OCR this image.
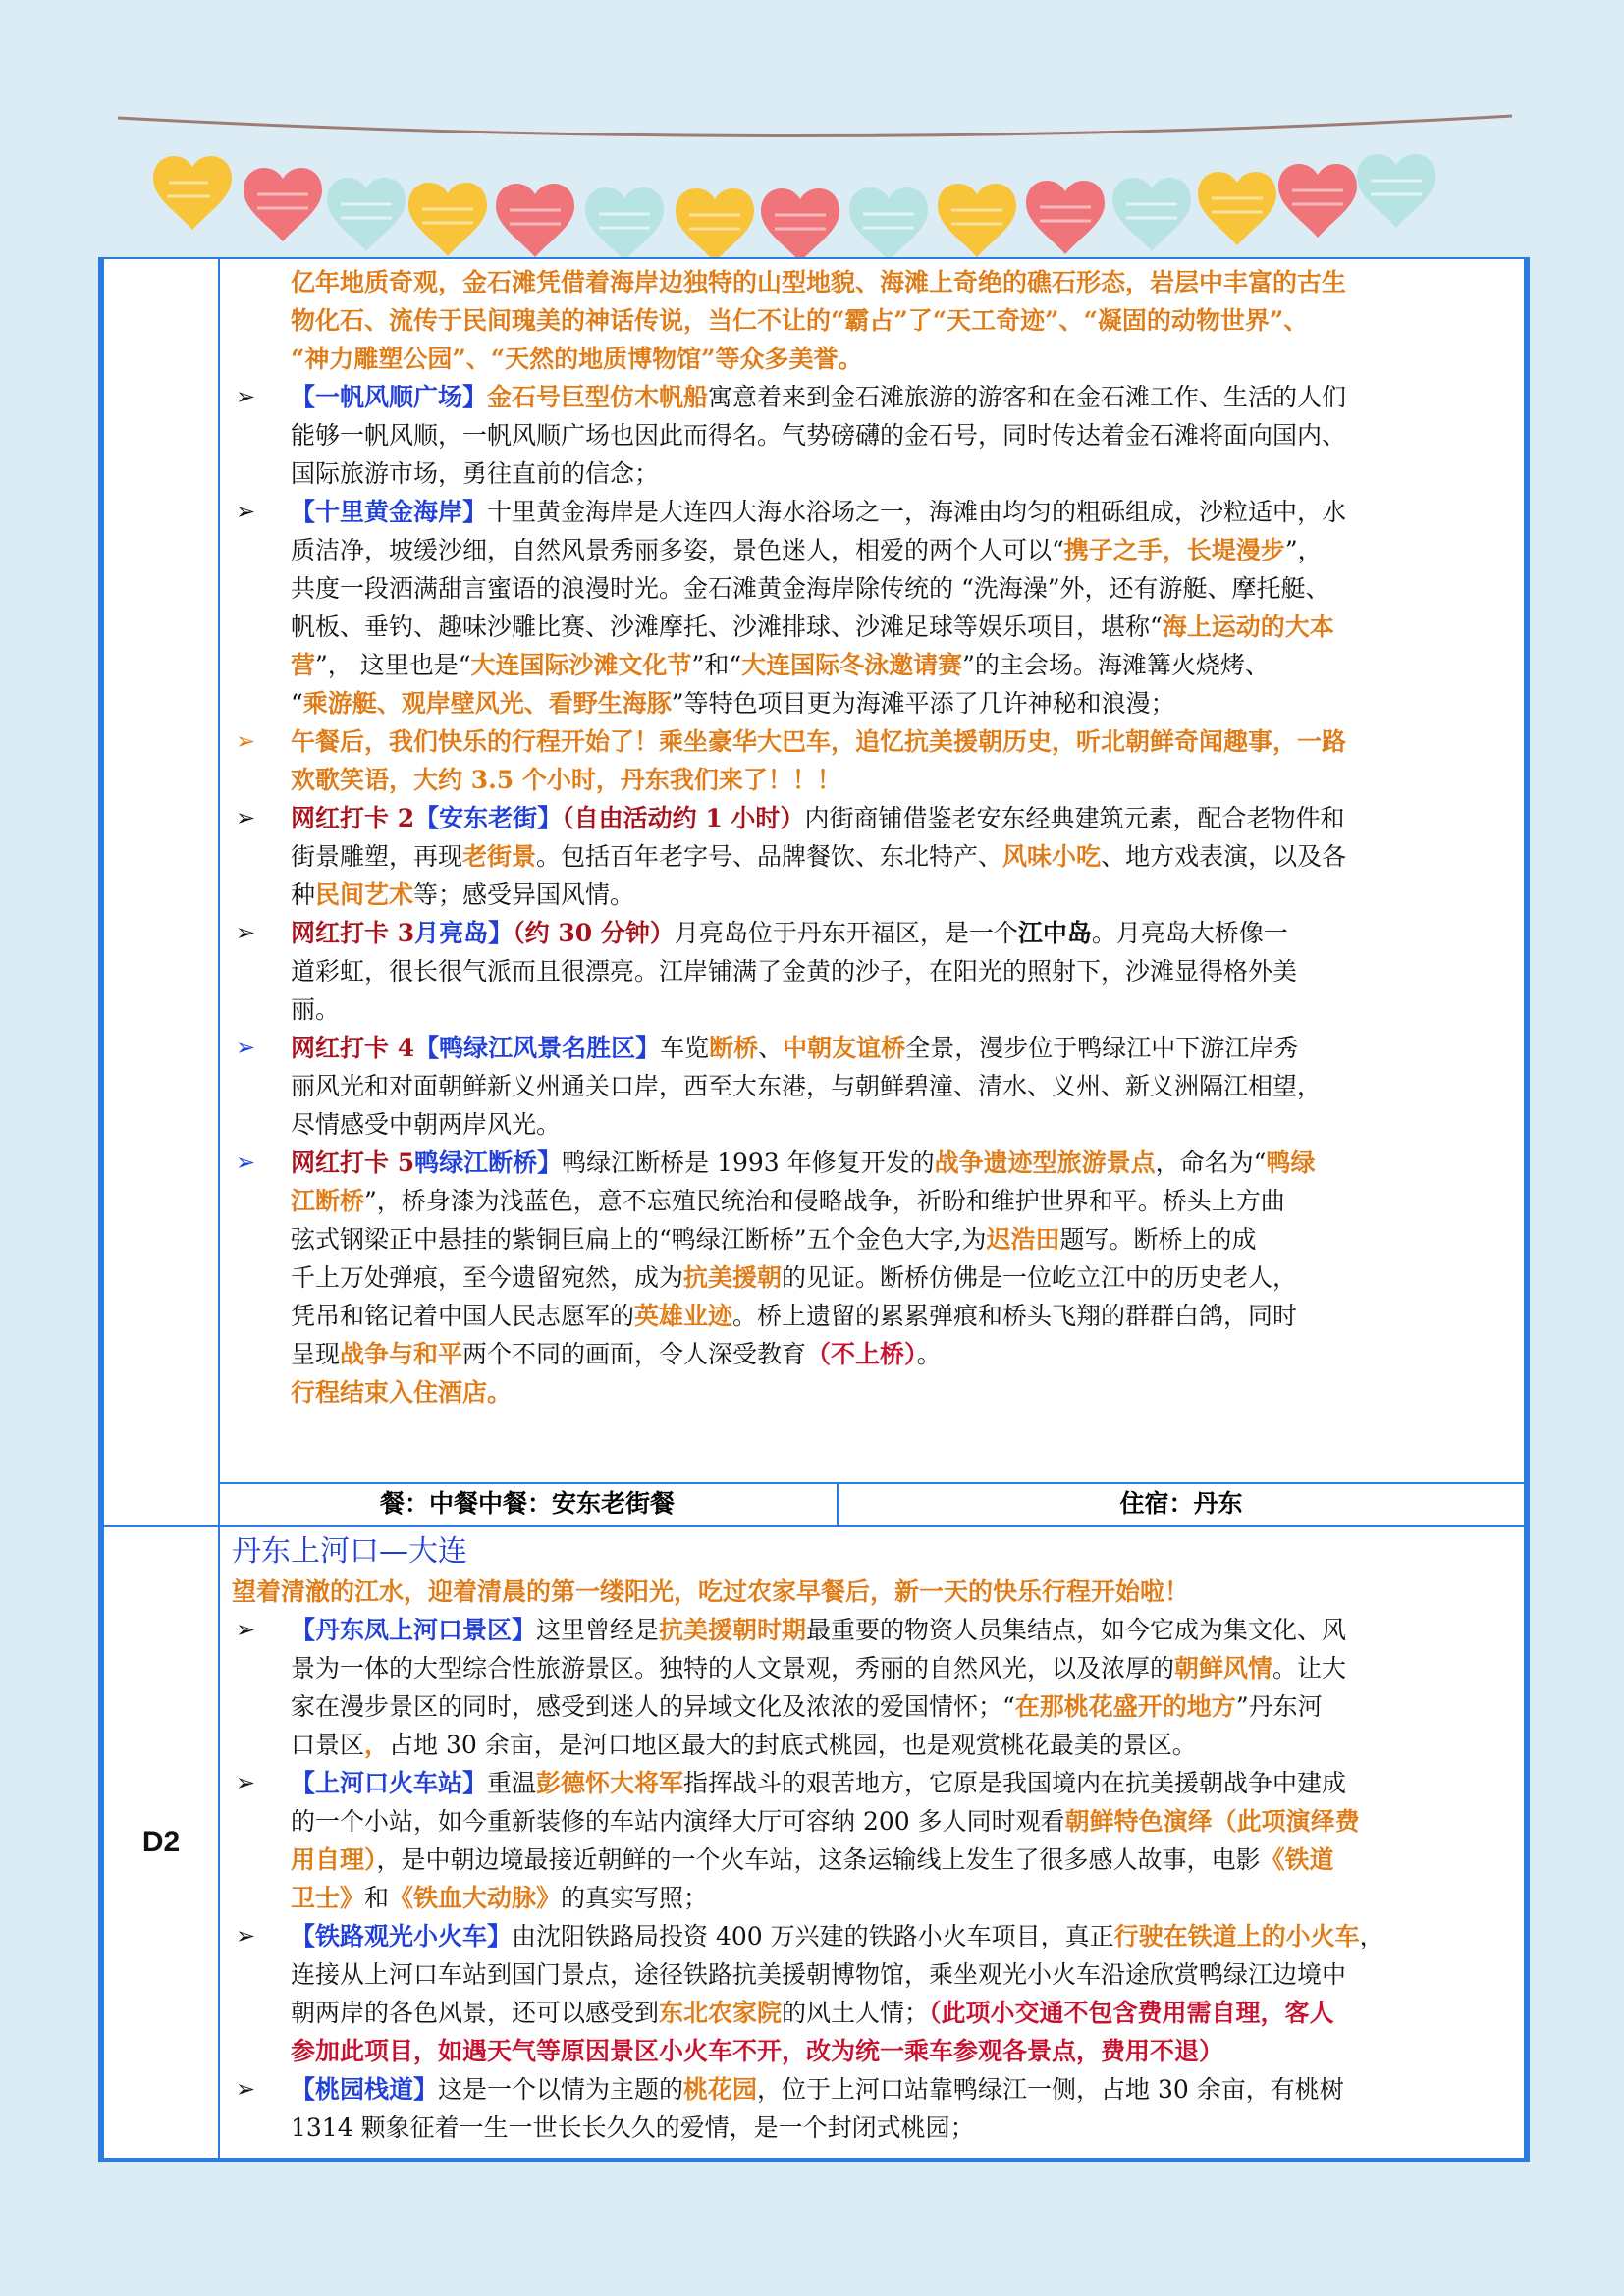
亿年地质奇观，金石滩凭借着海岸边独特的山型地貌、海滩上奇绝的礁石形态，岩层中丰富的古生

物化石、流传于民间瑰美的神话传说，当仁不让的“霸占”了“天工奇迹”、“凝固的动物世界”、

“神力雕塑公园”、“天然的地质博物馆”等众多美誉。

➢	【一帆风顺广场】金石号巨型仿木帆船寓意着来到金石滩旅游的游客和在金石滩工作、生活的人们

能够一帆风顺，一帆风顺广场也因此而得名。气势磅礴的金石号，同时传达着金石滩将面向国内、

国际旅游市场，勇往直前的信念；

➢	【十里黄金海岸】十里黄金海岸是大连四大海水浴场之一，海滩由均匀的粗砾组成，沙粒适中，水

质洁净，坡缓沙细，自然风景秀丽多姿，景色迷人，相爱的两个人可以“携子之手，长堤漫步”，

共度一段洒满甜言蜜语的浪漫时光。金石滩黄金海岸除传统的 “洗海澡”外，还有游艇、摩托艇、

帆板、垂钓、趣味沙雕比赛、沙滩摩托、沙滩排球、沙滩足球等娱乐项目，堪称“海上运动的大本

营”， 这里也是“大连国际沙滩文化节”和“大连国际冬泳邀请赛”的主会场。海滩篝火烧烤、

“乘游艇、观岸壁风光、看野生海豚”等特色项目更为海滩平添了几许神秘和浪漫；

➢	午餐后，我们快乐的行程开始了！乘坐豪华大巴车，追忆抗美援朝历史，听北朝鲜奇闻趣事，一路

欢歌笑语，大约 3.5 个小时，丹东我们来了！！！

➢	网红打卡 2【安东老街】（自由活动约 1 小时）内街商铺借鉴老安东经典建筑元素，配合老物件和

街景雕塑，再现老街景。包括百年老字号、品牌餐饮、东北特产、风味小吃、地方戏表演，以及各

种民间艺术等；感受异国风情。

➢	网红打卡 3月亮岛】（约 30 分钟）月亮岛位于丹东开福区，是一个江中岛。月亮岛大桥像一

道彩虹，很长很气派而且很漂亮。江岸铺满了金黄的沙子，在阳光的照射下，沙滩显得格外美

丽。

➢	网红打卡 4【鸭绿江风景名胜区】车览断桥、中朝友谊桥全景，漫步位于鸭绿江中下游江岸秀

丽风光和对面朝鲜新义州通关口岸，西至大东港，与朝鲜碧潼、清水、义州、新义洲隔江相望，

尽情感受中朝两岸风光。

➢	网红打卡 5鸭绿江断桥】鸭绿江断桥是 1993 年修复开发的战争遗迹型旅游景点，命名为“鸭绿

江断桥”，桥身漆为浅蓝色，意不忘殖民统治和侵略战争，祈盼和维护世界和平。桥头上方曲

弦式钢梁正中悬挂的紫铜巨扁上的“鸭绿江断桥”五个金色大字,为迟浩田题写。断桥上的成

千上万处弹痕，至今遗留宛然，成为抗美援朝的见证。断桥仿佛是一位屹立江中的历史老人，

凭吊和铭记着中国人民志愿军的英雄业迹。桥上遗留的累累弹痕和桥头飞翔的群群白鸽，同时

呈现战争与和平两个不同的画面，令人深受教育（不上桥）。

行程结束入住酒店。

餐：中餐中餐：安东老街餐	住宿：丹东
D2

丹东上河口—大连

望着清澈的江水，迎着清晨的第一缕阳光，吃过农家早餐后，新一天的快乐行程开始啦！

➢	【丹东凤上河口景区】这里曾经是抗美援朝时期最重要的物资人员集结点，如今它成为集文化、风

景为一体的大型综合性旅游景区。独特的人文景观，秀丽的自然风光，以及浓厚的朝鲜风情。让大

家在漫步景区的同时，感受到迷人的异域文化及浓浓的爱国情怀；“在那桃花盛开的地方”丹东河

口景区，占地 30 余亩，是河口地区最大的封底式桃园，也是观赏桃花最美的景区。

➢	【上河口火车站】重温彭德怀大将军指挥战斗的艰苦地方，它原是我国境内在抗美援朝战争中建成

的一个小站，如今重新装修的车站内演绎大厅可容纳 200 多人同时观看朝鲜特色演绎（此项演绎费

用自理），是中朝边境最接近朝鲜的一个火车站，这条运输线上发生了很多感人故事，电影《铁道

卫士》和《铁血大动脉》的真实写照；

➢	【铁路观光小火车】由沈阳铁路局投资 400 万兴建的铁路小火车项目，真正行驶在铁道上的小火车，

连接从上河口车站到国门景点，途径铁路抗美援朝博物馆，乘坐观光小火车沿途欣赏鸭绿江边境中

朝两岸的各色风景，还可以感受到东北农家院的风土人情；（此项小交通不包含费用需自理，客人

参加此项目，如遇天气等原因景区小火车不开，改为统一乘车参观各景点，费用不退）

➢	【桃园栈道】这是一个以情为主题的桃花园，位于上河口站靠鸭绿江一侧，占地 30 余亩，有桃树

1314 颗象征着一生一世长长久久的爱情，是一个封闭式桃园；
